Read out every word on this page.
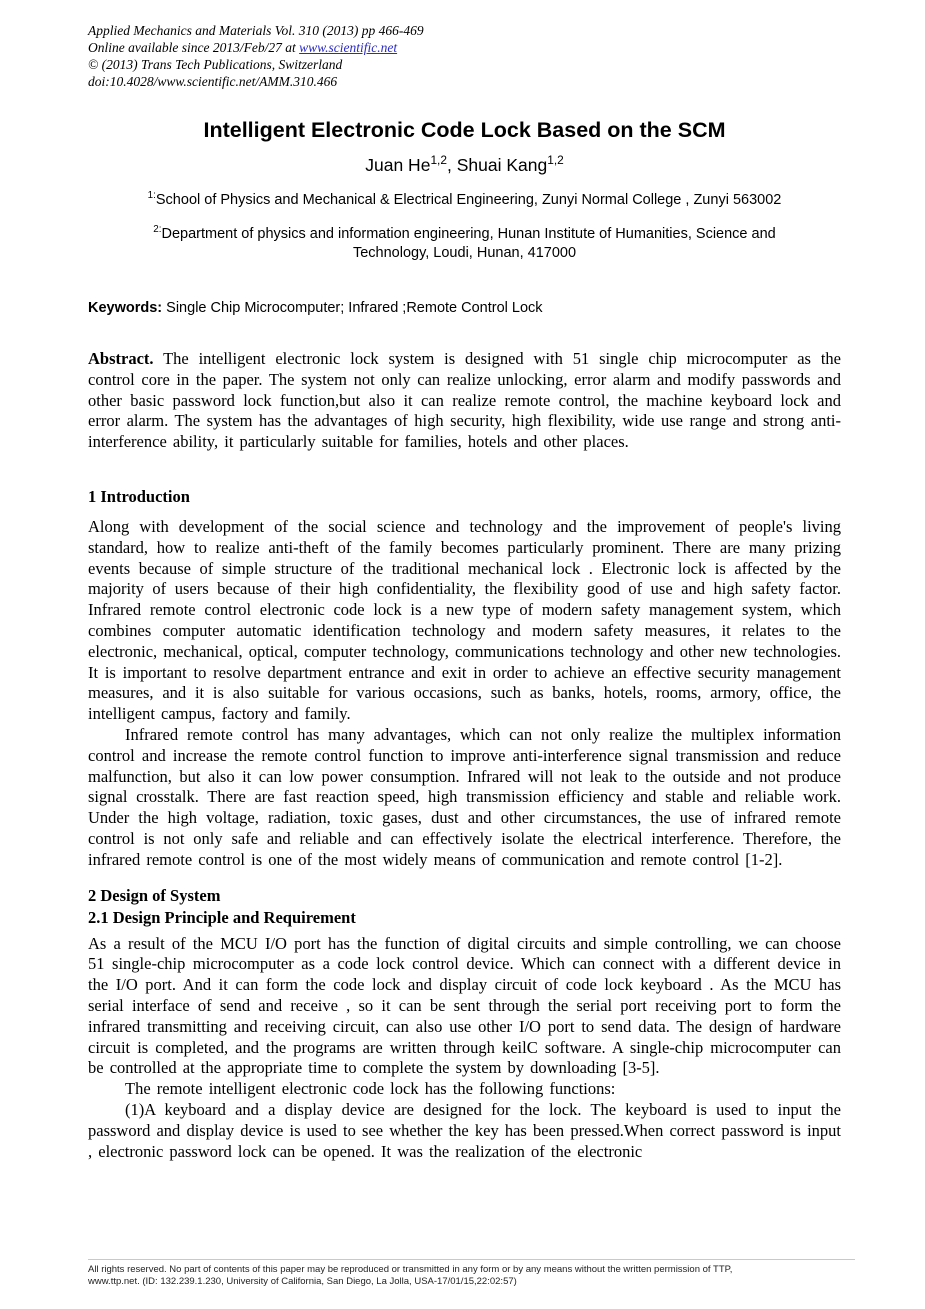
Applied Mechanics and Materials Vol. 310 (2013) pp 466-469
Online available since 2013/Feb/27 at www.scientific.net
© (2013) Trans Tech Publications, Switzerland
doi:10.4028/www.scientific.net/AMM.310.466
Intelligent Electronic Code Lock Based on the SCM
Juan He$^{1,2}$, Shuai Kang$^{1,2}$
$^{1:}$School of Physics and Mechanical & Electrical Engineering, Zunyi Normal College , Zunyi 563002
$^{2:}$Department of physics and information engineering, Hunan Institute of Humanities, Science and Technology, Loudi, Hunan, 417000

Keywords: Single Chip Microcomputer; Infrared ;Remote Control Lock

Abstract. The intelligent electronic lock system is designed with 51 single chip microcomputer as the control core in the paper. The system not only can realize unlocking, error alarm and modify passwords and other basic password lock function,but also it can realize remote control, the machine keyboard lock and error alarm. The system has the advantages of high security, high flexibility, wide use range and strong anti-interference ability, it particularly suitable for families, hotels and other places.

1 Introduction

Along with development of the social science and technology and the improvement of people's living standard, how to realize anti-theft of the family becomes particularly prominent. There are many prizing events because of simple structure of the traditional mechanical lock . Electronic lock is affected by the majority of users because of their high confidentiality, the flexibility good of use and high safety factor. Infrared remote control electronic code lock is a new type of modern safety management system, which combines computer automatic identification technology and modern safety measures, it relates to the electronic, mechanical, optical, computer technology, communications technology and other new technologies. It is important to resolve department entrance and exit in order to achieve an effective security management measures, and it is also suitable for various occasions, such as banks, hotels, rooms, armory, office, the intelligent campus, factory and family.

Infrared remote control has many advantages, which can not only realize the multiplex information control and increase the remote control function to improve anti-interference signal transmission and reduce malfunction, but also it can low power consumption. Infrared will not leak to the outside and not produce signal crosstalk. There are fast reaction speed, high transmission efficiency and stable and reliable work. Under the high voltage, radiation, toxic gases, dust and other circumstances, the use of infrared remote control is not only safe and reliable and can effectively isolate the electrical interference. Therefore, the infrared remote control is one of the most widely means of communication and remote control [1-2].

2 Design of System
2.1 Design Principle and Requirement

As a result of the MCU I/O port has the function of digital circuits and simple controlling, we can choose 51 single-chip microcomputer as a code lock control device. Which can connect with a different device in the I/O port. And it can form the code lock and display circuit of code lock keyboard . As the MCU has serial interface of send and receive , so it can be sent through the serial port receiving port to form the infrared transmitting and receiving circuit, can also use other I/O port to send data. The design of hardware circuit is completed, and the programs are written through keilC software. A single-chip microcomputer can be controlled at the appropriate time to complete the system by downloading [3-5].

The remote intelligent electronic code lock has the following functions:

(1)A keyboard and a display device are designed for the lock. The keyboard is used to input the password and display device is used to see whether the key has been pressed.When correct password is input , electronic password lock can be opened. It was the realization of the electronic

All rights reserved. No part of contents of this paper may be reproduced or transmitted in any form or by any means without the written permission of TTP,
www.ttp.net. (ID: 132.239.1.230, University of California, San Diego, La Jolla, USA-17/01/15,22:02:57)
